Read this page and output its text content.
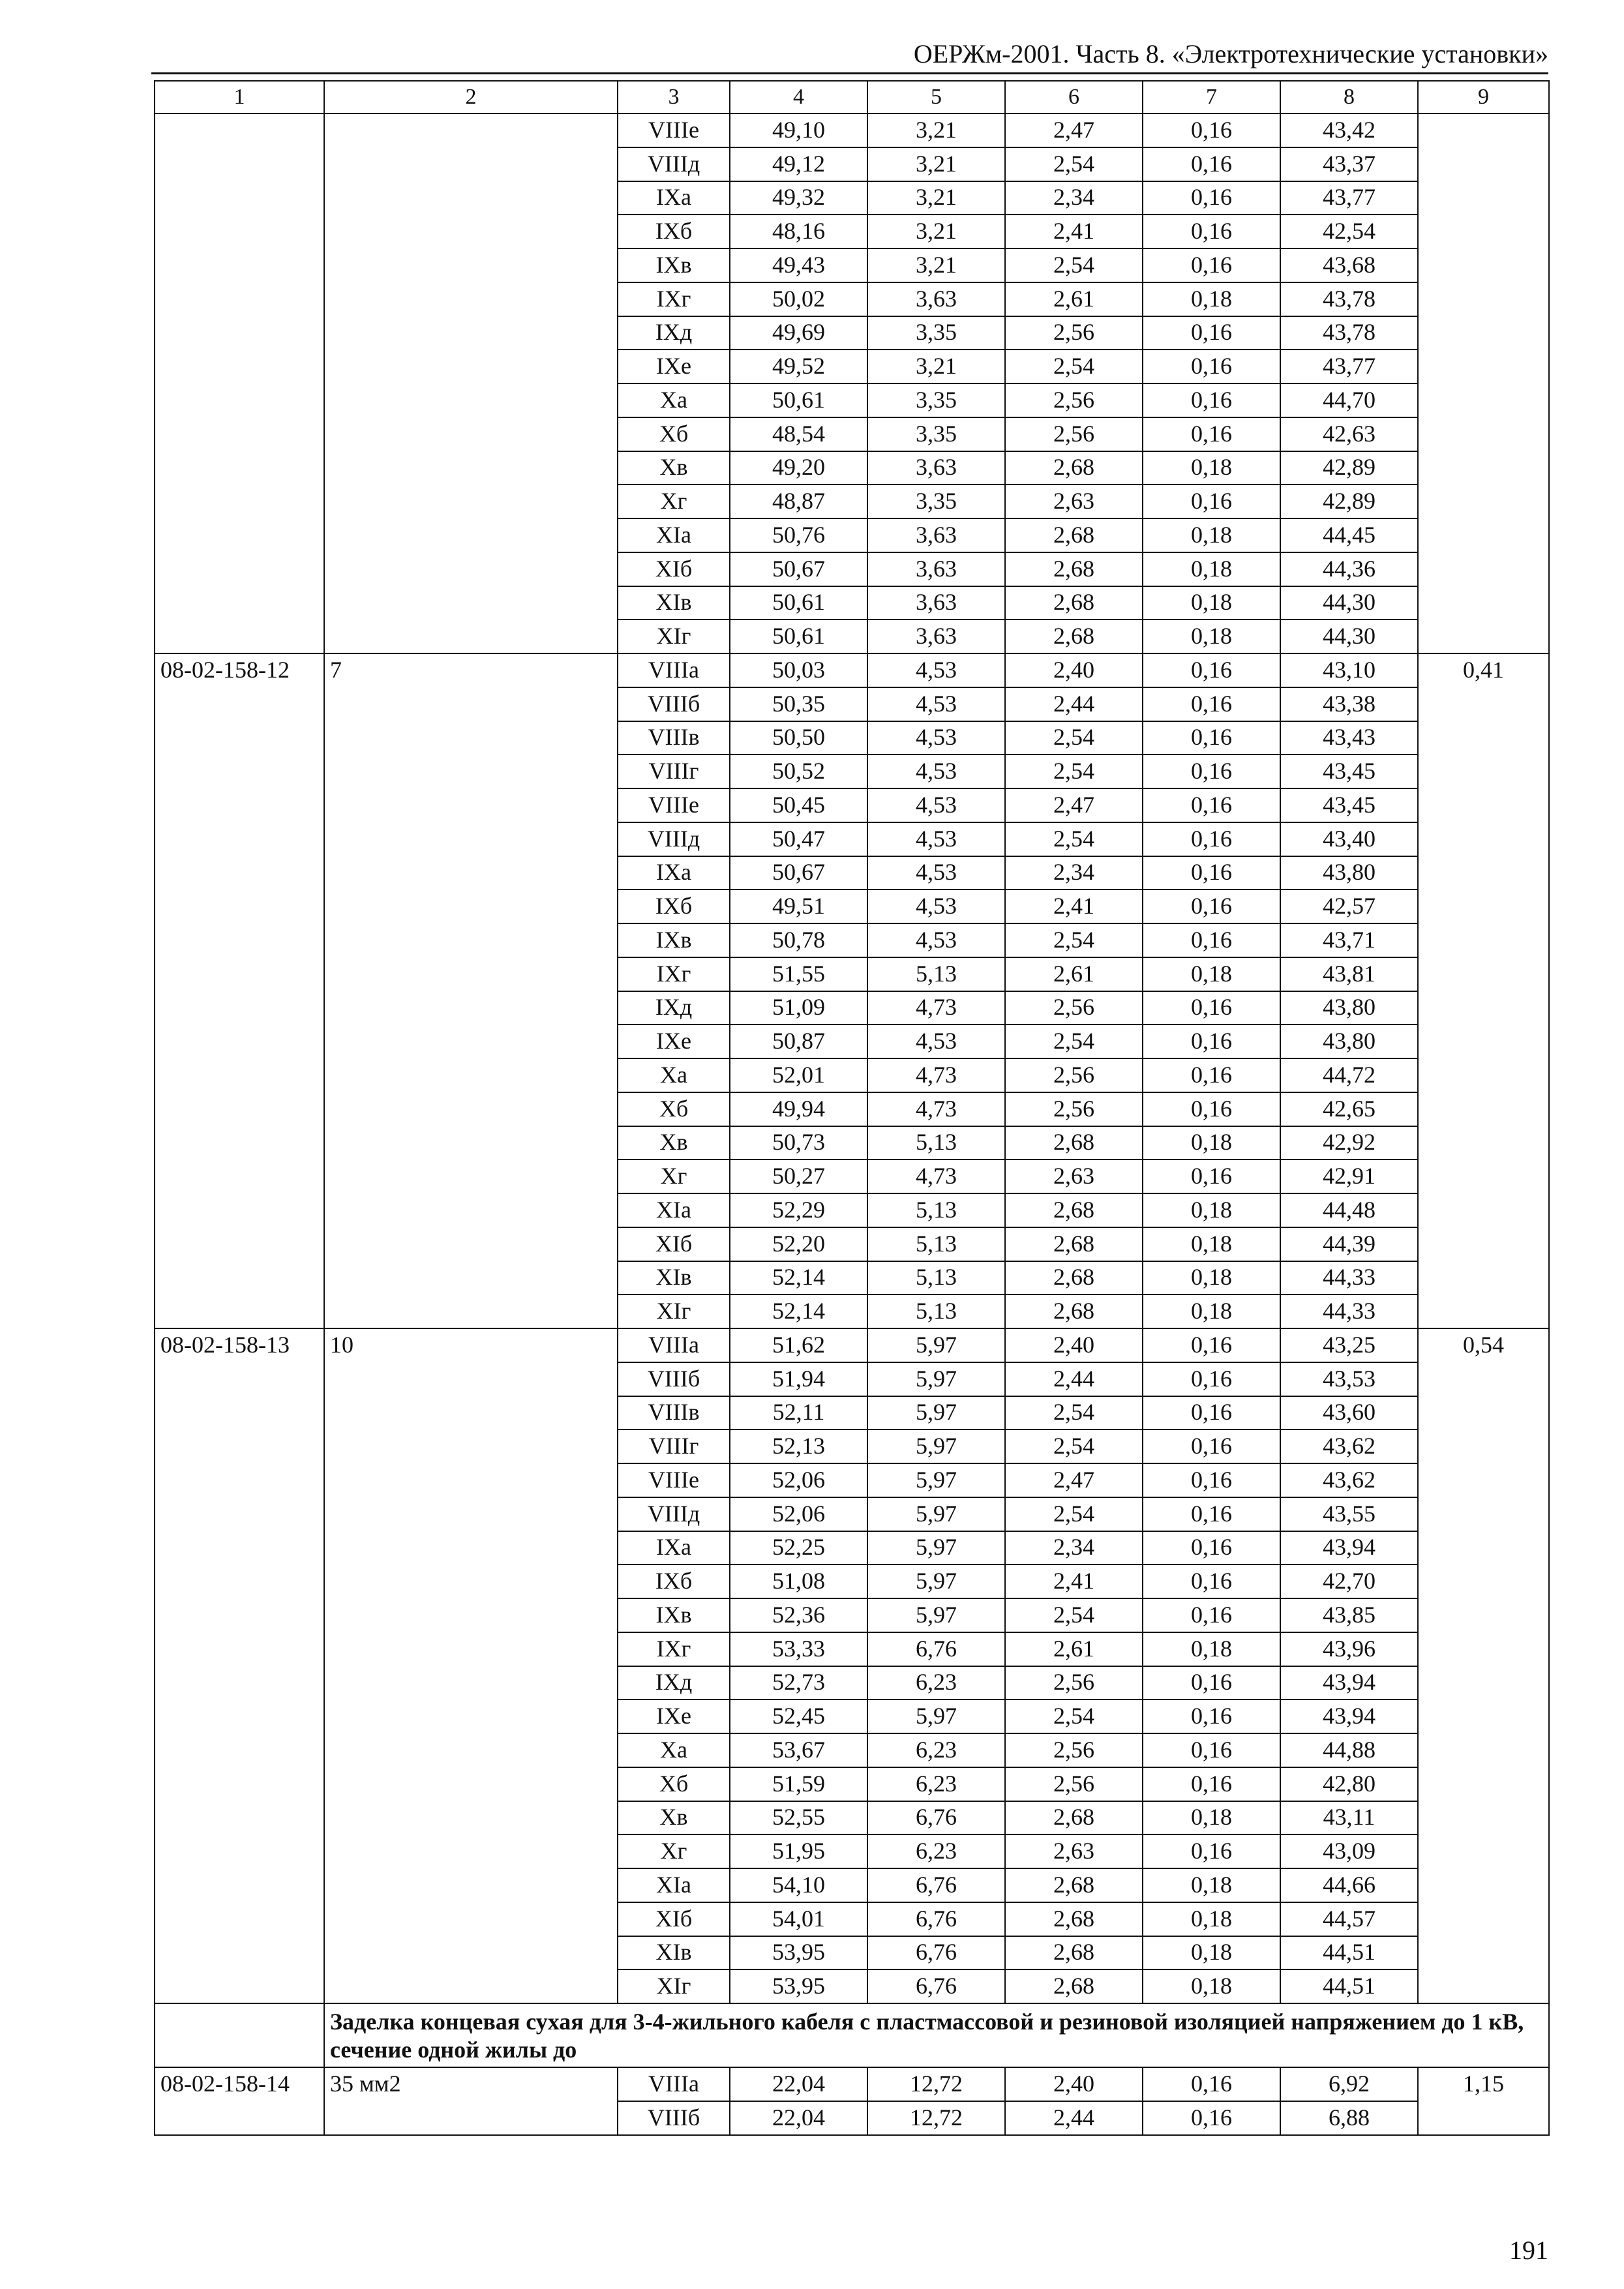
ОЕРЖм-2001. Часть 8. «Электротехнические установки»
1	2	3	4	5	6	7	8	9
		VIIIе	49,10	3,21	2,47	0,16	43,42	
		VIIIд	49,12	3,21	2,54	0,16	43,37	
		IXа	49,32	3,21	2,34	0,16	43,77	
		IXб	48,16	3,21	2,41	0,16	42,54	
		IXв	49,43	3,21	2,54	0,16	43,68	
		IXг	50,02	3,63	2,61	0,18	43,78	
		IXд	49,69	3,35	2,56	0,16	43,78	
		IXе	49,52	3,21	2,54	0,16	43,77	
		Xа	50,61	3,35	2,56	0,16	44,70	
		Xб	48,54	3,35	2,56	0,16	42,63	
		Xв	49,20	3,63	2,68	0,18	42,89	
		Xг	48,87	3,35	2,63	0,16	42,89	
		XIа	50,76	3,63	2,68	0,18	44,45	
		XIб	50,67	3,63	2,68	0,18	44,36	
		XIв	50,61	3,63	2,68	0,18	44,30	
		XIг	50,61	3,63	2,68	0,18	44,30	
08-02-158-12	7	VIIIа	50,03	4,53	2,40	0,16	43,10	0,41
		VIIIб	50,35	4,53	2,44	0,16	43,38	
		VIIIв	50,50	4,53	2,54	0,16	43,43	
		VIIIг	50,52	4,53	2,54	0,16	43,45	
		VIIIе	50,45	4,53	2,47	0,16	43,45	
		VIIIд	50,47	4,53	2,54	0,16	43,40	
		IXа	50,67	4,53	2,34	0,16	43,80	
		IXб	49,51	4,53	2,41	0,16	42,57	
		IXв	50,78	4,53	2,54	0,16	43,71	
		IXг	51,55	5,13	2,61	0,18	43,81	
		IXд	51,09	4,73	2,56	0,16	43,80	
		IXе	50,87	4,53	2,54	0,16	43,80	
		Xа	52,01	4,73	2,56	0,16	44,72	
		Xб	49,94	4,73	2,56	0,16	42,65	
		Xв	50,73	5,13	2,68	0,18	42,92	
		Xг	50,27	4,73	2,63	0,16	42,91	
		XIа	52,29	5,13	2,68	0,18	44,48	
		XIб	52,20	5,13	2,68	0,18	44,39	
		XIв	52,14	5,13	2,68	0,18	44,33	
		XIг	52,14	5,13	2,68	0,18	44,33	
08-02-158-13	10	VIIIа	51,62	5,97	2,40	0,16	43,25	0,54
		VIIIб	51,94	5,97	2,44	0,16	43,53	
		VIIIв	52,11	5,97	2,54	0,16	43,60	
		VIIIг	52,13	5,97	2,54	0,16	43,62	
		VIIIе	52,06	5,97	2,47	0,16	43,62	
		VIIIд	52,06	5,97	2,54	0,16	43,55	
		IXа	52,25	5,97	2,34	0,16	43,94	
		IXб	51,08	5,97	2,41	0,16	42,70	
		IXв	52,36	5,97	2,54	0,16	43,85	
		IXг	53,33	6,76	2,61	0,18	43,96	
		IXд	52,73	6,23	2,56	0,16	43,94	
		IXе	52,45	5,97	2,54	0,16	43,94	
		Xа	53,67	6,23	2,56	0,16	44,88	
		Xб	51,59	6,23	2,56	0,16	42,80	
		Xв	52,55	6,76	2,68	0,18	43,11	
		Xг	51,95	6,23	2,63	0,16	43,09	
		XIа	54,10	6,76	2,68	0,18	44,66	
		XIб	54,01	6,76	2,68	0,18	44,57	
		XIв	53,95	6,76	2,68	0,18	44,51	
		XIг	53,95	6,76	2,68	0,18	44,51	
	Заделка концевая сухая для 3-4-жильного кабеля с пластмассовой и резиновой изоляцией напряжением до 1 кВ, сечение одной жилы до							
08-02-158-14	35 мм2	VIIIа	22,04	12,72	2,40	0,16	6,92	1,15
		VIIIб	22,04	12,72	2,44	0,16	6,88	
191
